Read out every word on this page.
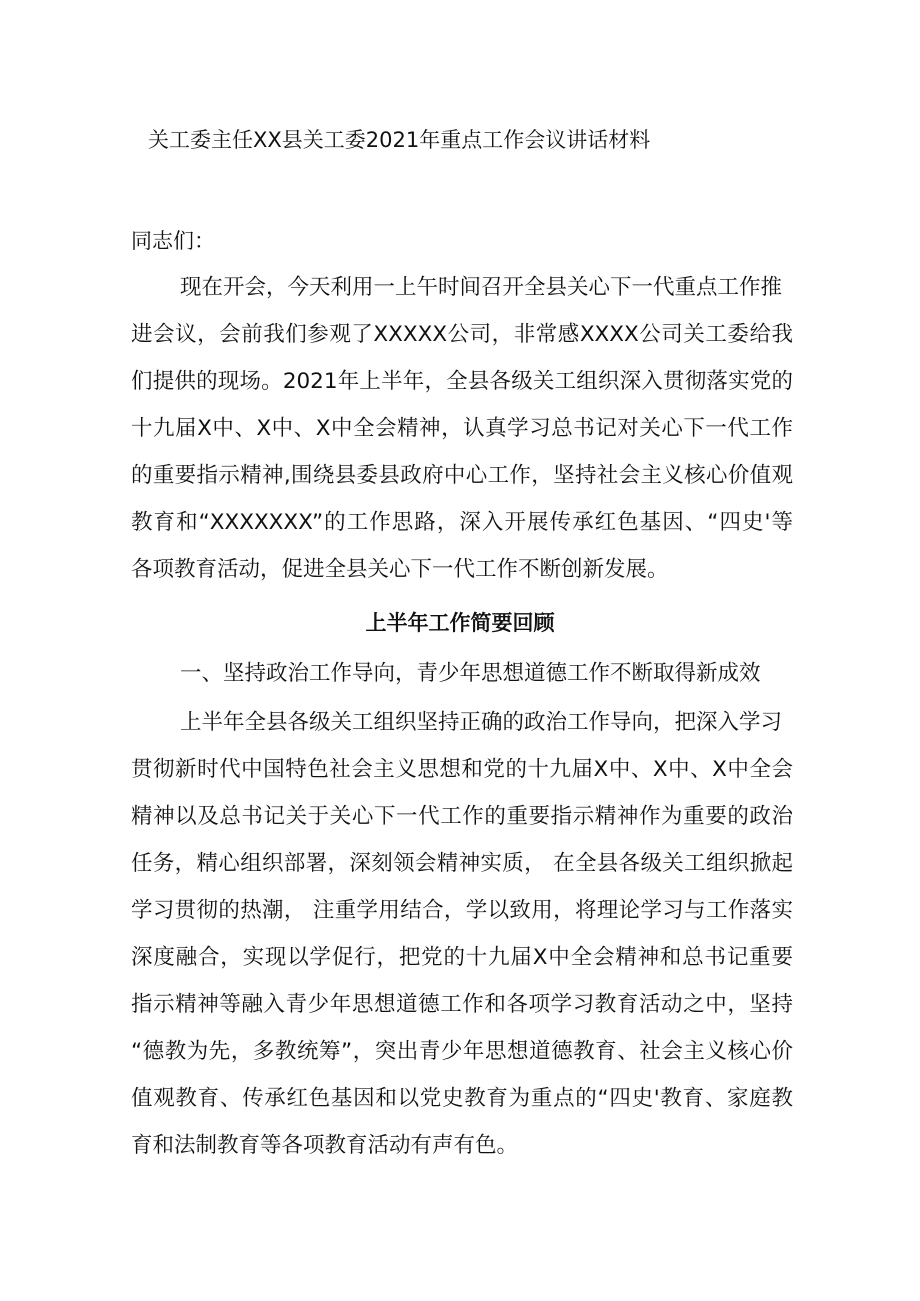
关工委主任XX县关工委2021年重点工作会议讲话材料
同志们：
现在开会，今天利用一上午时间召开全县关心下一代重点工作推
进会议，会前我们参观了XXXXX公司，非常感XXXX公司关工委给我
们提供的现场。2021年上半年，全县各级关工组织深入贯彻落实党的
十九届X中、X中、X中全会精神，认真学习总书记对关心下一代工作
的重要指示精神,围绕县委县政府中心工作，坚持社会主义核心价值观
教育和“XXXXXXX”的工作思路，深入开展传承红色基因、“四史'等
各项教育活动，促进全县关心下一代工作不断创新发展。
上半年工作简要回顾
一、坚持政治工作导向，青少年思想道德工作不断取得新成效
上半年全县各级关工组织坚持正确的政治工作导向，把深入学习
贯彻新时代中国特色社会主义思想和党的十九届X中、X中、X中全会
精神以及总书记关于关心下一代工作的重要指示精神作为重要的政治
任务，精心组织部署，深刻领会精神实质， 在全县各级关工组织掀起
学习贯彻的热潮， 注重学用结合，学以致用，将理论学习与工作落实
深度融合，实现以学促行，把党的十九届X中全会精神和总书记重要
指示精神等融入青少年思想道德工作和各项学习教育活动之中，坚持
“德教为先，多教统筹”，突出青少年思想道德教育、社会主义核心价
值观教育、传承红色基因和以党史教育为重点的“四史'教育、家庭教
育和法制教育等各项教育活动有声有色。
